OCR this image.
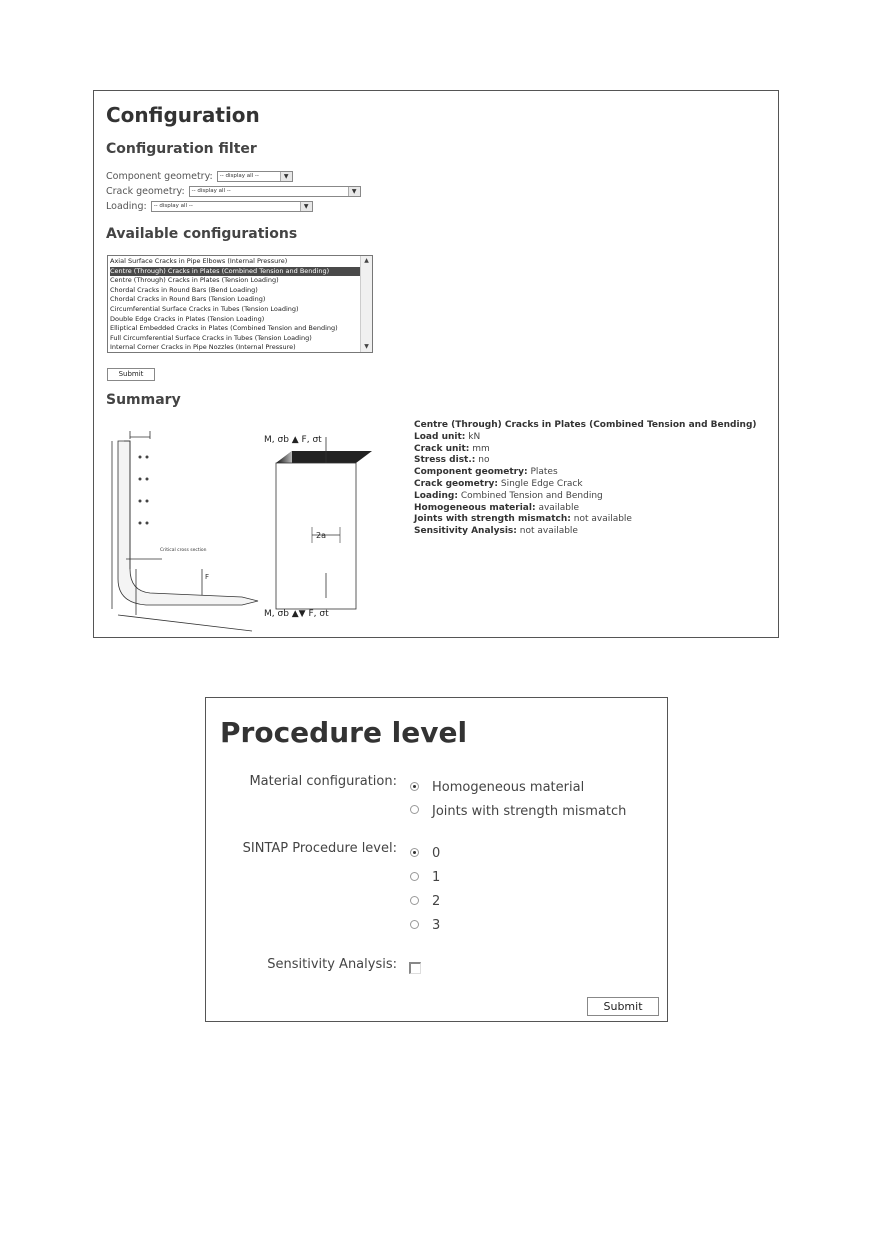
Configuration
Configuration filter
Component geometry:	-- display all --	▼
Crack geometry:	-- display all --	▼
Loading:	-- display all --	▼
Available configurations
Axial Surface Cracks in Pipe Elbows (Internal Pressure)
Centre (Through) Cracks in Plates (Combined Tension and Bending)
Centre (Through) Cracks in Plates (Tension Loading)
Chordal Cracks in Round Bars (Bend Loading)
Chordal Cracks in Round Bars (Tension Loading)
Circumferential Surface Cracks in Tubes (Tension Loading)
Double Edge Cracks in Plates (Tension Loading)
Elliptical Embedded Cracks in Plates (Combined Tension and Bending)
Full Circumferential Surface Cracks in Tubes (Tension Loading)
Internal Corner Cracks in Pipe Nozzles (Internal Pressure)
▲
▼
Submit
Summary
Critical cross section
F
M, σb ▲ F, σt
2a
M, σb ▲▼ F, σt
Centre (Through) Cracks in Plates (Combined Tension and Bending)
Load unit: kN
Crack unit: mm
Stress dist.: no
Component geometry: Plates
Crack geometry: Single Edge Crack
Loading: Combined Tension and Bending
Homogeneous material: available
Joints with strength mismatch: not available
Sensitivity Analysis: not available
Procedure level
Material configuration:	Homogeneous material
Joints with strength mismatch
SINTAP Procedure level:	0
1
2
3
Sensitivity Analysis:
Submit
